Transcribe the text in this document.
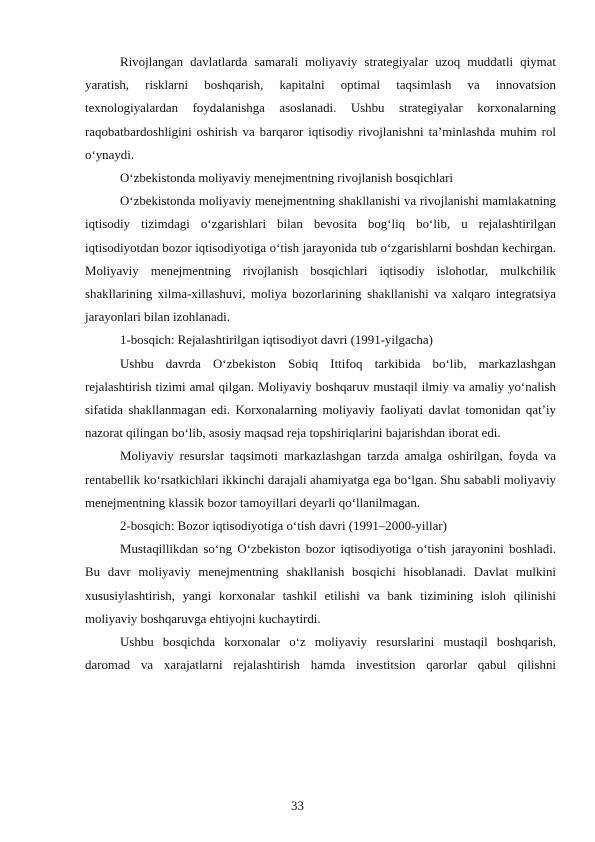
Rivojlangan davlatlarda samarali moliyaviy strategiyalar uzoq muddatli qiymat yaratish, risklarni boshqarish, kapitalni optimal taqsimlash va innovatsion texnologiyalardan foydalanishga asoslanadi. Ushbu strategiyalar korxonalarning raqobatbardoshligini oshirish va barqaror iqtisodiy rivojlanishni ta’minlashda muhim rol o‘ynaydi.

O‘zbekistonda moliyaviy menejmentning rivojlanish bosqichlari

O‘zbekistonda moliyaviy menejmentning shakllanishi va rivojlanishi mamlakatning iqtisodiy tizimdagi o‘zgarishlari bilan bevosita bog‘liq bo‘lib, u rejalashtirilgan iqtisodiyotdan bozor iqtisodiyotiga o‘tish jarayonida tub o‘zgarishlarni boshdan kechirgan. Moliyaviy menejmentning rivojlanish bosqichlari iqtisodiy islohotlar, mulkchilik shakllarining xilma-xillashuvi, moliya bozorlarining shakllanishi va xalqaro integratsiya jarayonlari bilan izohlanadi.

1-bosqich: Rejalashtirilgan iqtisodiyot davri (1991-yilgacha)

Ushbu davrda O‘zbekiston Sobiq Ittifoq tarkibida bo‘lib, markazlashgan rejalashtirish tizimi amal qilgan. Moliyaviy boshqaruv mustaqil ilmiy va amaliy yo‘nalish sifatida shakllanmagan edi. Korxonalarning moliyaviy faoliyati davlat tomonidan qat’iy nazorat qilingan bo‘lib, asosiy maqsad reja topshiriqlarini bajarishdan iborat edi.

Moliyaviy resurslar taqsimoti markazlashgan tarzda amalga oshirilgan, foyda va rentabellik ko‘rsatkichlari ikkinchi darajali ahamiyatga ega bo‘lgan. Shu sababli moliyaviy menejmentning klassik bozor tamoyillari deyarli qo‘llanilmagan.

2-bosqich: Bozor iqtisodiyotiga o‘tish davri (1991–2000-yillar)

Mustaqillikdan so‘ng O‘zbekiston bozor iqtisodiyotiga o‘tish jarayonini boshladi. Bu davr moliyaviy menejmentning shakllanish bosqichi hisoblanadi. Davlat mulkini xususiylashtirish, yangi korxonalar tashkil etilishi va bank tizimining isloh qilinishi moliyaviy boshqaruvga ehtiyojni kuchaytirdi.

Ushbu bosqichda korxonalar o‘z moliyaviy resurslarini mustaqil boshqarish, daromad va xarajatlarni rejalashtirish hamda investitsion qarorlar qabul qilishni

33
